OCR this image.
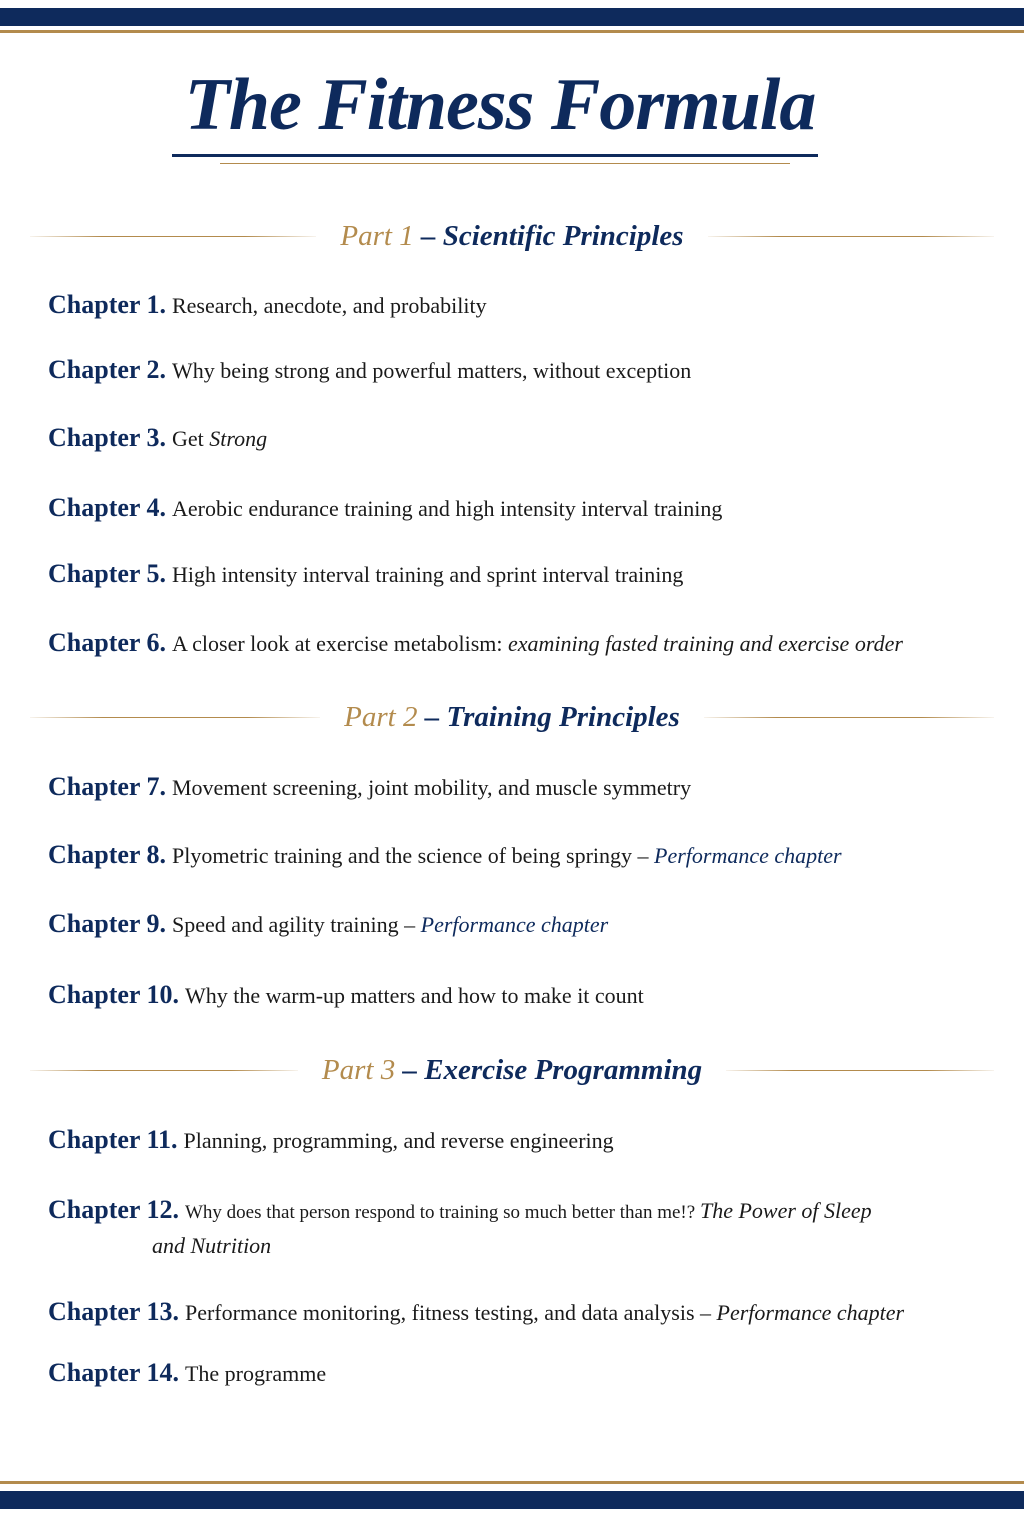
The Fitness Formula
Part 1 – Scientific Principles
Chapter 1. Research, anecdote, and probability
Chapter 2. Why being strong and powerful matters, without exception
Chapter 3. Get Strong
Chapter 4. Aerobic endurance training and high intensity interval training
Chapter 5. High intensity interval training and sprint interval training
Chapter 6. A closer look at exercise metabolism: examining fasted training and exercise order
Part 2 – Training Principles
Chapter 7. Movement screening, joint mobility, and muscle symmetry
Chapter 8. Plyometric training and the science of being springy – Performance chapter
Chapter 9. Speed and agility training – Performance chapter
Chapter 10. Why the warm-up matters and how to make it count
Part 3 – Exercise Programming
Chapter 11. Planning, programming, and reverse engineering
Chapter 12. Why does that person respond to training so much better than me!? The Power of Sleep
and Nutrition
Chapter 13. Performance monitoring, fitness testing, and data analysis – Performance chapter
Chapter 14. The programme
